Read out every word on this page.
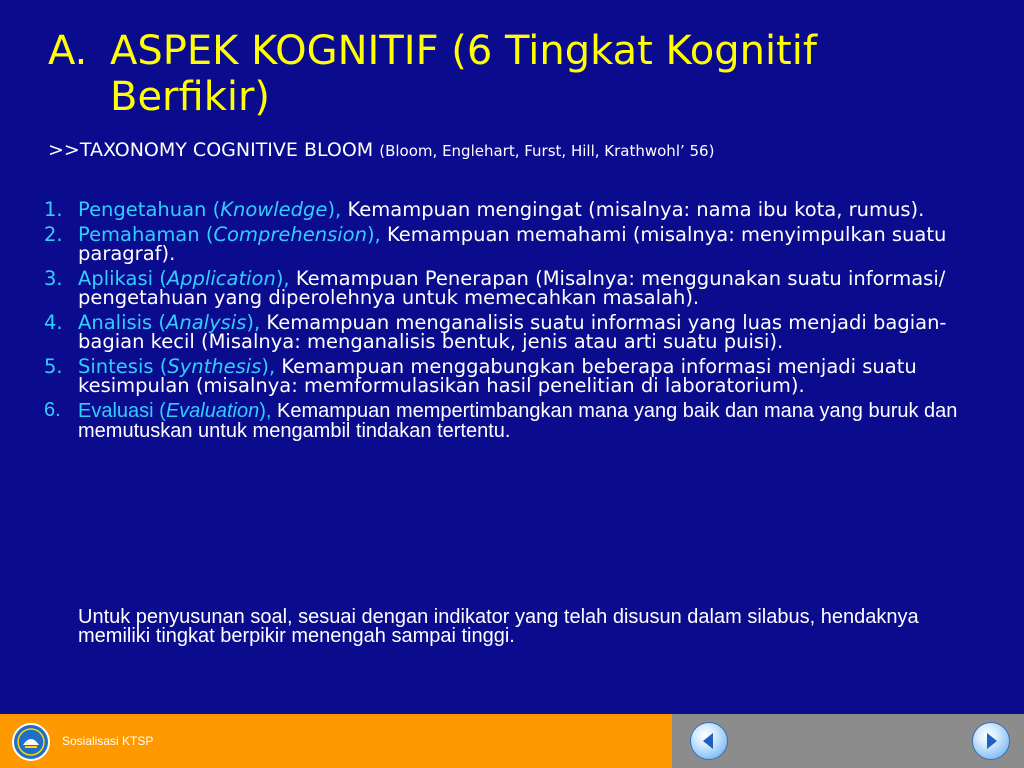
A. ASPEK KOGNITIF (6 Tingkat Kognitif
Berfikir)
>>TAXONOMY COGNITIVE BLOOM (Bloom, Englehart, Furst, Hill, Krathwohl’ 56)
1. Pengetahuan (Knowledge), Kemampuan mengingat (misalnya: nama ibu kota, rumus).
2. Pemahaman (Comprehension), Kemampuan memahami (misalnya: menyimpulkan suatu paragraf).
3. Aplikasi (Application), Kemampuan Penerapan (Misalnya: menggunakan suatu informasi/ pengetahuan yang diperolehnya untuk memecahkan masalah).
4. Analisis (Analysis), Kemampuan menganalisis suatu informasi yang luas menjadi bagian-bagian kecil (Misalnya: menganalisis bentuk, jenis atau arti suatu puisi).
5. Sintesis (Synthesis), Kemampuan menggabungkan beberapa informasi menjadi suatu kesimpulan (misalnya: memformulasikan hasil penelitian di laboratorium).
6. Evaluasi (Evaluation), Kemampuan mempertimbangkan mana yang baik dan mana yang buruk dan memutuskan untuk mengambil tindakan tertentu.
Untuk penyusunan soal, sesuai dengan indikator yang telah disusun dalam silabus, hendaknya memiliki tingkat berpikir menengah sampai tinggi.
Sosialisasi KTSP
